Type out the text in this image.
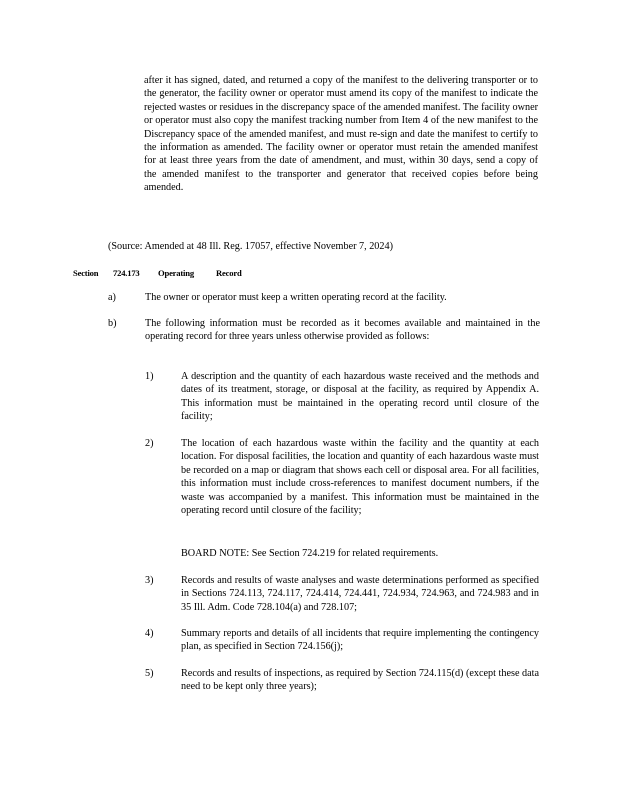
after it has signed, dated, and returned a copy of the manifest to the delivering transporter or to the generator, the facility owner or operator must amend its copy of the manifest to indicate the rejected wastes or residues in the discrepancy space of the amended manifest. The facility owner or operator must also copy the manifest tracking number from Item 4 of the new manifest to the Discrepancy space of the amended manifest, and must re-sign and date the manifest to certify to the information as amended. The facility owner or operator must retain the amended manifest for at least three years from the date of amendment, and must, within 30 days, send a copy of the amended manifest to the transporter and generator that received copies before being amended.

(Source: Amended at 48 Ill. Reg. 17057, effective November 7, 2024)

Section 724.173 Operating	Record
a)	The owner or operator must keep a written operating record at the facility.

b)	The following information must be recorded as it becomes available and maintained in the operating record for three years unless otherwise provided as follows:

1)	A description and the quantity of each hazardous waste received and the methods and dates of its treatment, storage, or disposal at the facility, as required by Appendix A. This information must be maintained in the operating record until closure of the facility;

2)	The location of each hazardous waste within the facility and the quantity at each location. For disposal facilities, the location and quantity of each hazardous waste must be recorded on a map or diagram that shows each cell or disposal area. For all facilities, this information must include cross-references to manifest document numbers, if the waste was accompanied by a manifest. This information must be maintained in the operating record until closure of the facility;

BOARD NOTE: See Section 724.219 for related requirements.

3)	Records and results of waste analyses and waste determinations performed as specified in Sections 724.113, 724.117, 724.414, 724.441, 724.934, 724.963, and 724.983 and in 35 Ill. Adm. Code 728.104(a) and 728.107;

4)	Summary reports and details of all incidents that require implementing the contingency plan, as specified in Section 724.156(j);

5)	Records and results of inspections, as required by Section 724.115(d) (except these data need to be kept only three years);
